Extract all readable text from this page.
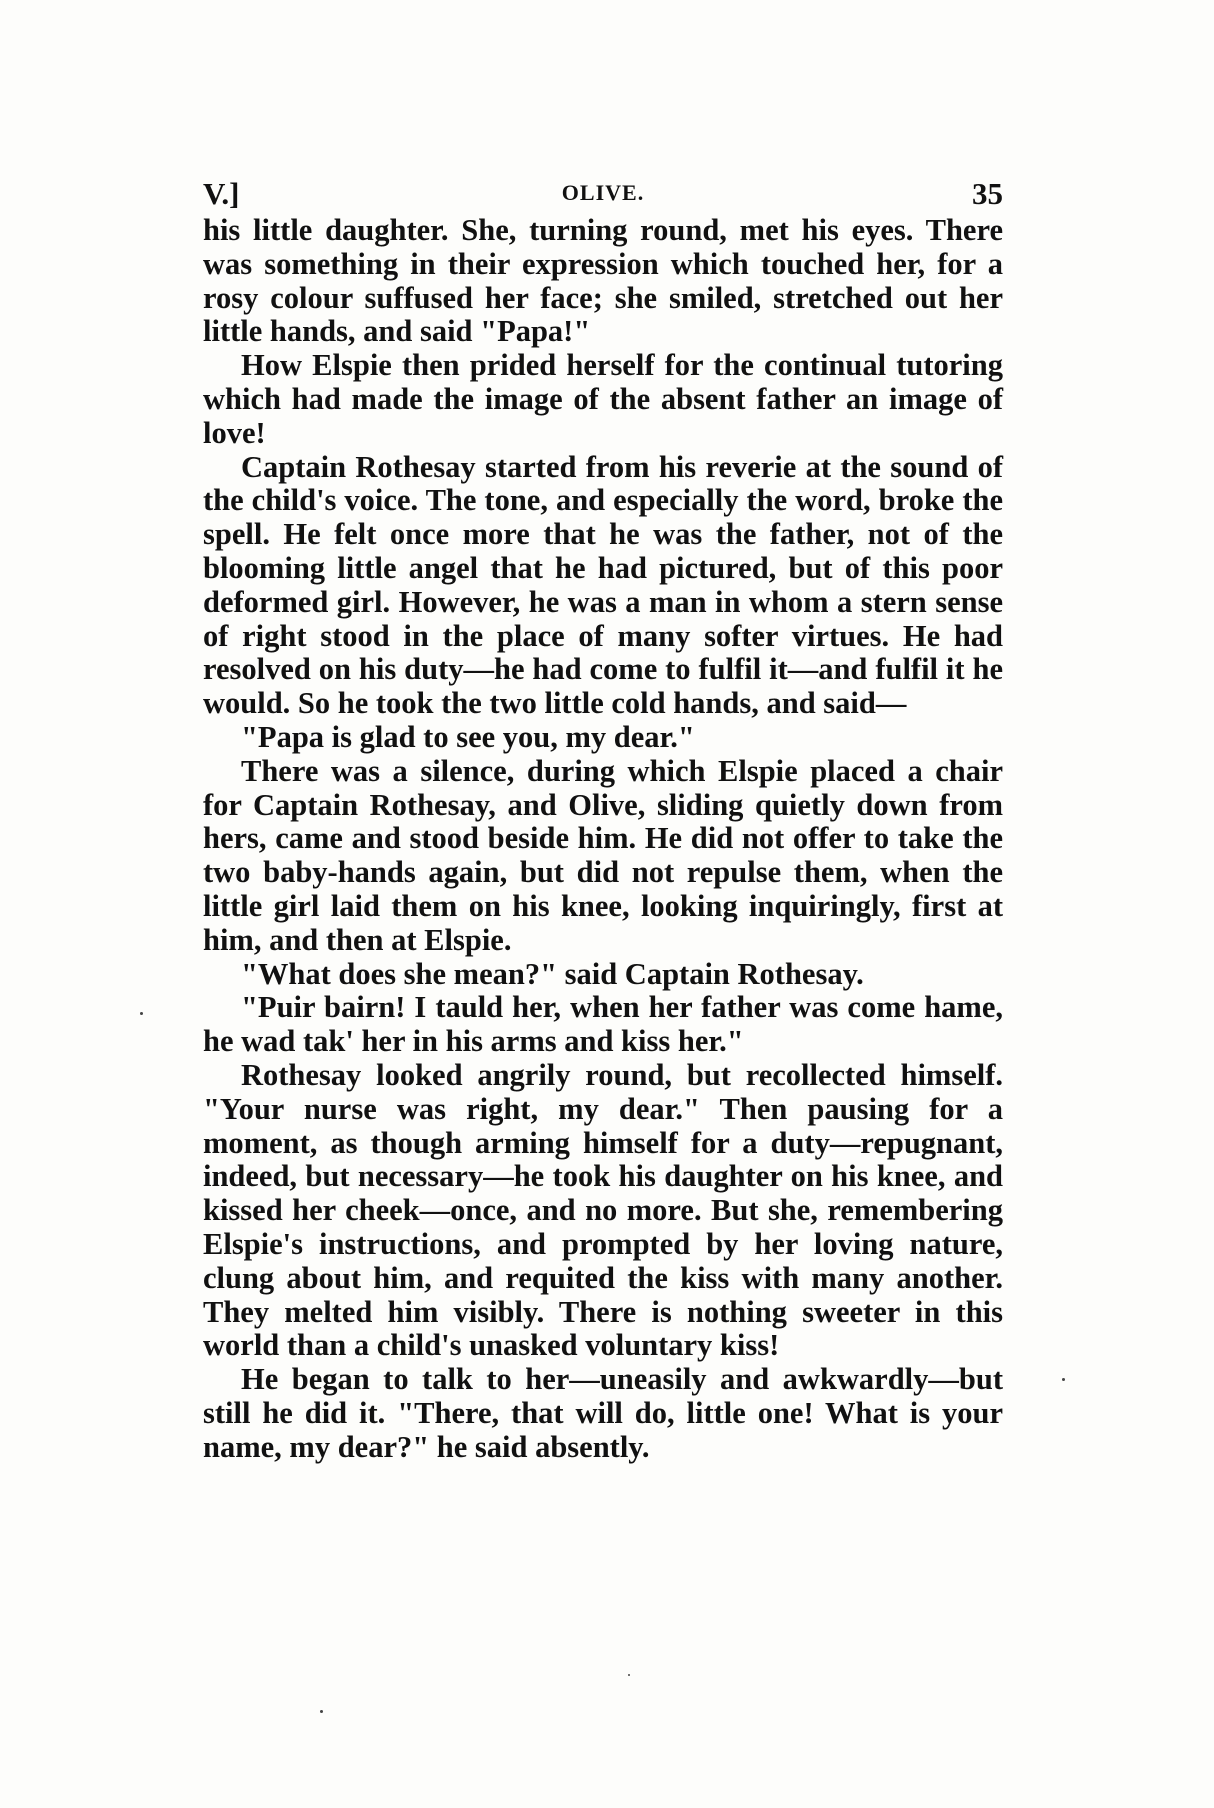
V.]	OLIVE.	35

his little daughter. She, turning round, met his eyes. There was something in their expression which touched her, for a rosy colour suffused her face; she smiled, stretched out her little hands, and said "Papa!"

How Elspie then prided herself for the continual tutoring which had made the image of the absent father an image of love!

Captain Rothesay started from his reverie at the sound of the child's voice. The tone, and especially the word, broke the spell. He felt once more that he was the father, not of the blooming little angel that he had pictured, but of this poor deformed girl. However, he was a man in whom a stern sense of right stood in the place of many softer virtues. He had resolved on his duty—he had come to fulfil it—and fulfil it he would. So he took the two little cold hands, and said—

"Papa is glad to see you, my dear."

There was a silence, during which Elspie placed a chair for Captain Rothesay, and Olive, sliding quietly down from hers, came and stood beside him. He did not offer to take the two baby-hands again, but did not repulse them, when the little girl laid them on his knee, looking inquiringly, first at him, and then at Elspie.

"What does she mean?" said Captain Rothesay.

"Puir bairn! I tauld her, when her father was come hame, he wad tak' her in his arms and kiss her."

Rothesay looked angrily round, but recollected himself. "Your nurse was right, my dear." Then pausing for a moment, as though arming himself for a duty—repugnant, indeed, but necessary—he took his daughter on his knee, and kissed her cheek—once, and no more. But she, remembering Elspie's instructions, and prompted by her loving nature, clung about him, and requited the kiss with many another. They melted him visibly. There is nothing sweeter in this world than a child's unasked voluntary kiss!

He began to talk to her—uneasily and awkwardly—but still he did it. "There, that will do, little one! What is your name, my dear?" he said absently.
